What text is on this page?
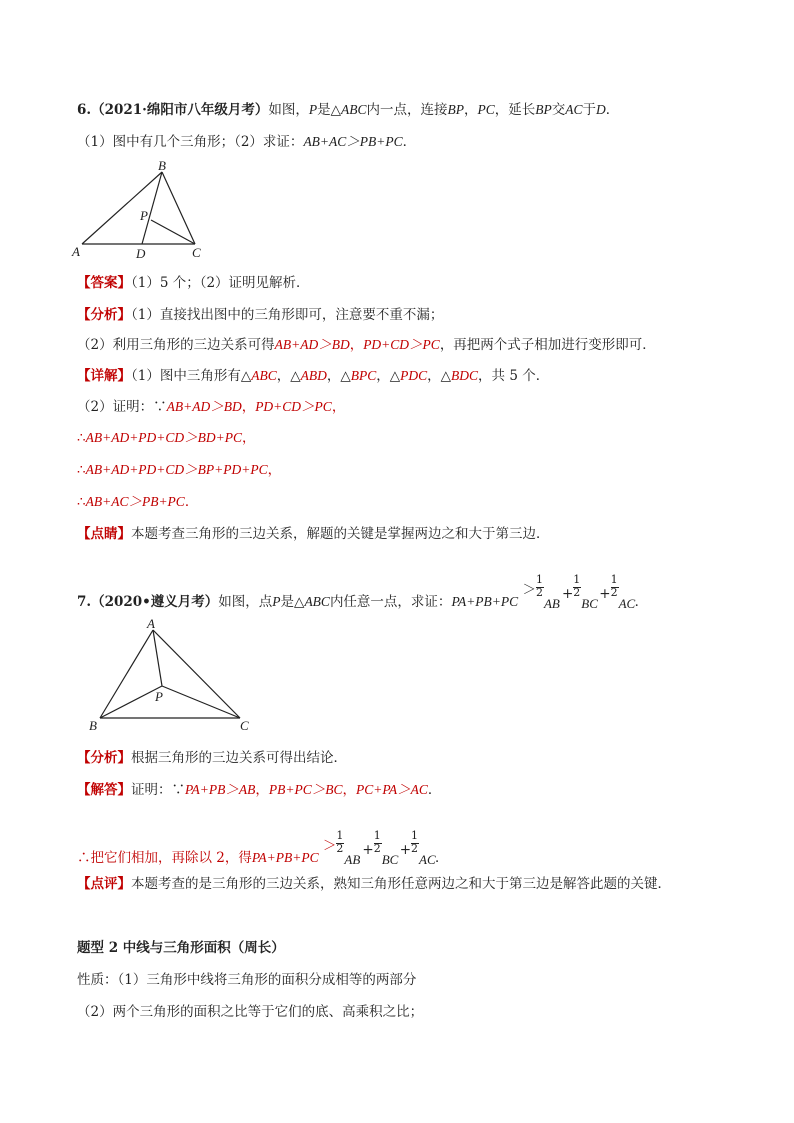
6.（2021·绵阳市八年级月考）如图，P是△ABC内一点，连接BP，PC，延长BP交AC于D．
（1）图中有几个三角形；（2）求证：AB+AC＞PB+PC．
A
B
C
D
P
【答案】（1）5 个；（2）证明见解析．
【分析】（1）直接找出图中的三角形即可，注意要不重不漏；
（2）利用三角形的三边关系可得AB+AD＞BD，PD+CD＞PC，再把两个式子相加进行变形即可．
【详解】（1）图中三角形有△ABC，△ABD，△BPC，△PDC，△BDC，共 5 个．
（2）证明：∵AB+AD＞BD，PD+CD＞PC，
∴AB+AD+PD+CD＞BD+PC，
∴AB+AD+PD+CD＞BP+PD+PC，
∴AB+AC＞PB+PC．
【点睛】本题考查三角形的三边关系，解题的关键是掌握两边之和大于第三边．
7.（2020•遵义月考）如图，点P是△ABC内任意一点，求证：PA+PB+PC ＞
1
2
AB
+
1
2
BC
+
1
2
AC ．
A
B	C
P
【分析】根据三角形的三边关系可得出结论．
【解答】证明：∵PA+PB＞AB，PB+PC＞BC，PC+PA＞AC．
∴把它们相加，再除以 2，得PA+PB+PC ＞
1
2
AB
+
1
2
BC
+
1
2
AC ．
【点评】本题考查的是三角形的三边关系，熟知三角形任意两边之和大于第三边是解答此题的关键．
题型 2 中线与三角形面积（周长）
性质：（1）三角形中线将三角形的面积分成相等的两部分
（2）两个三角形的面积之比等于它们的底、高乘积之比；
